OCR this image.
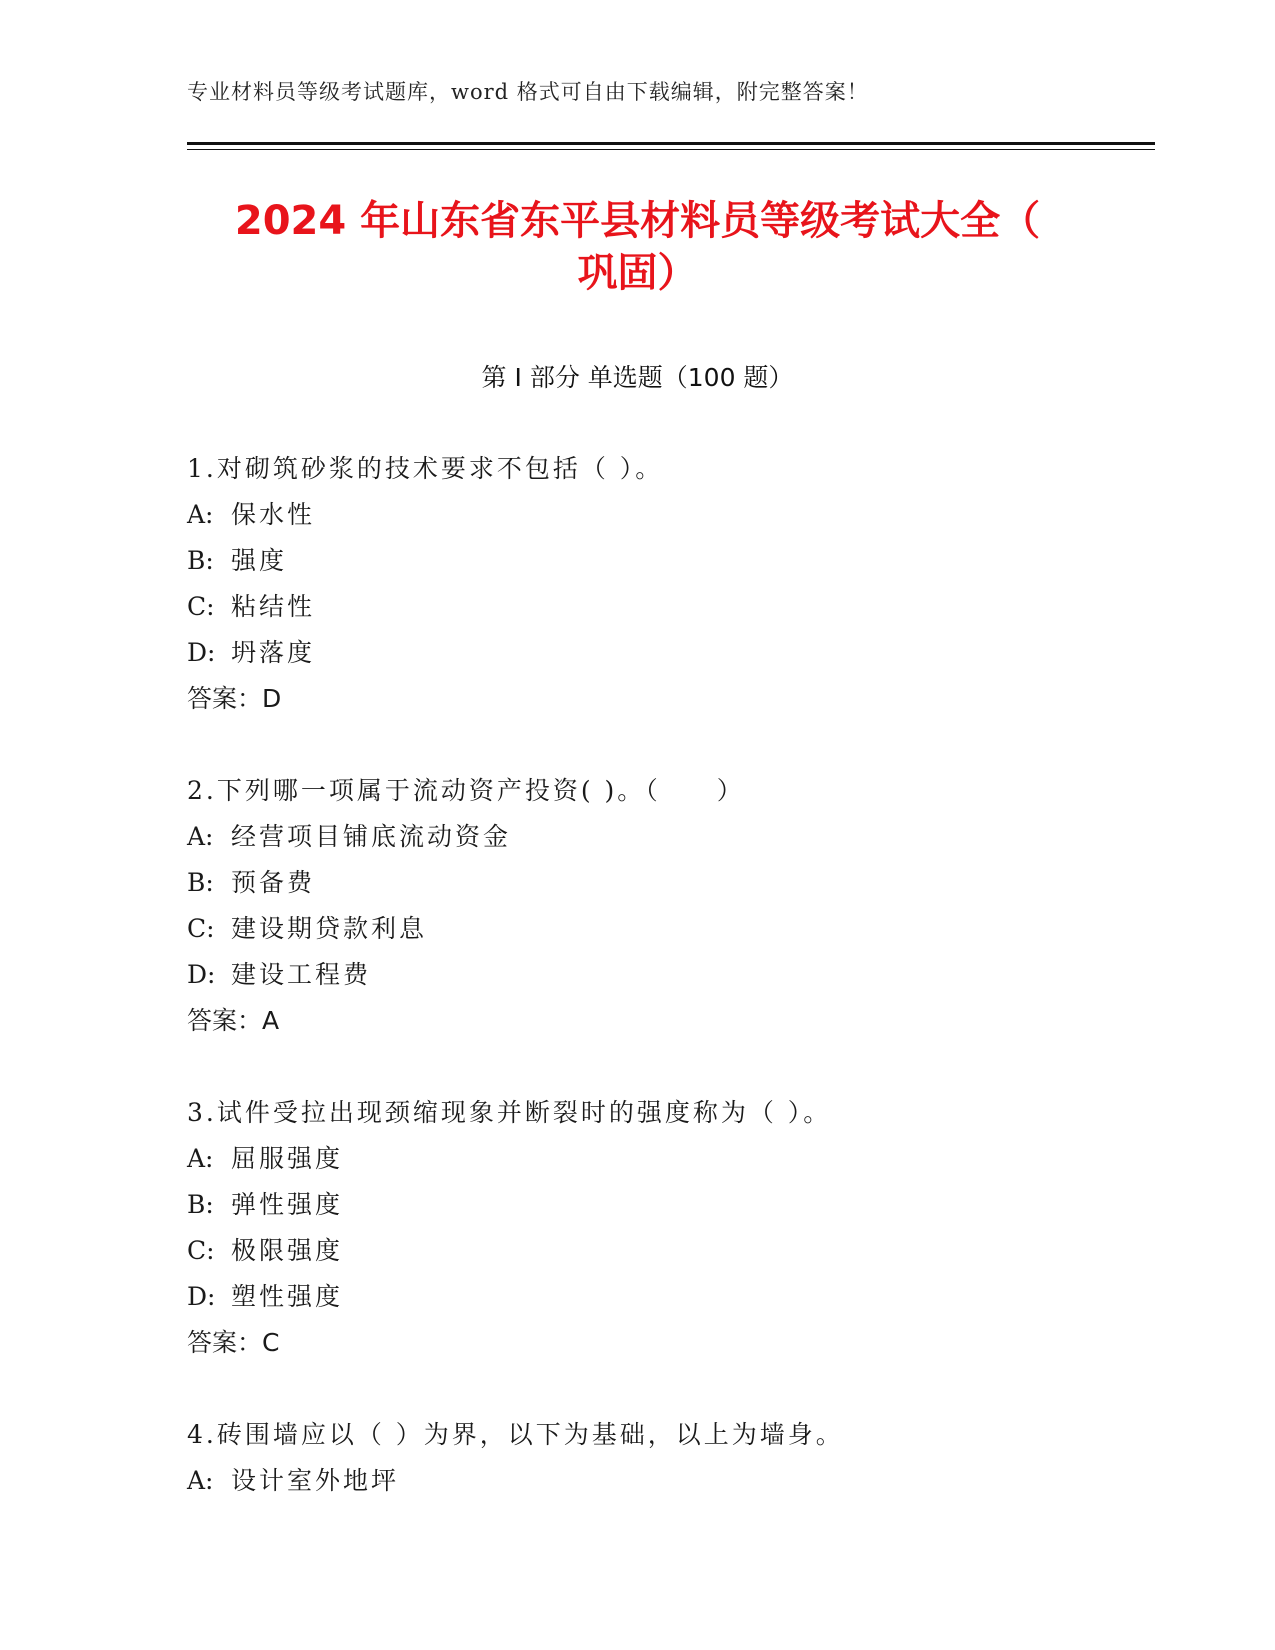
专业材料员等级考试题库，word 格式可自由下载编辑，附完整答案！
2024 年山东省东平县材料员等级考试大全（
巩固）
第 I 部分 单选题（100 题）
1.对砌筑砂浆的技术要求不包括（ ）。
A: 保水性
B: 强度
C: 粘结性
D: 坍落度
答案：D
2.下列哪一项属于流动资产投资( )。（　　）
A: 经营项目铺底流动资金
B: 预备费
C: 建设期贷款利息
D: 建设工程费
答案：A
3.试件受拉出现颈缩现象并断裂时的强度称为（ ）。
A: 屈服强度
B: 弹性强度
C: 极限强度
D: 塑性强度
答案：C
4.砖围墙应以（ ）为界，以下为基础，以上为墙身。
A: 设计室外地坪
